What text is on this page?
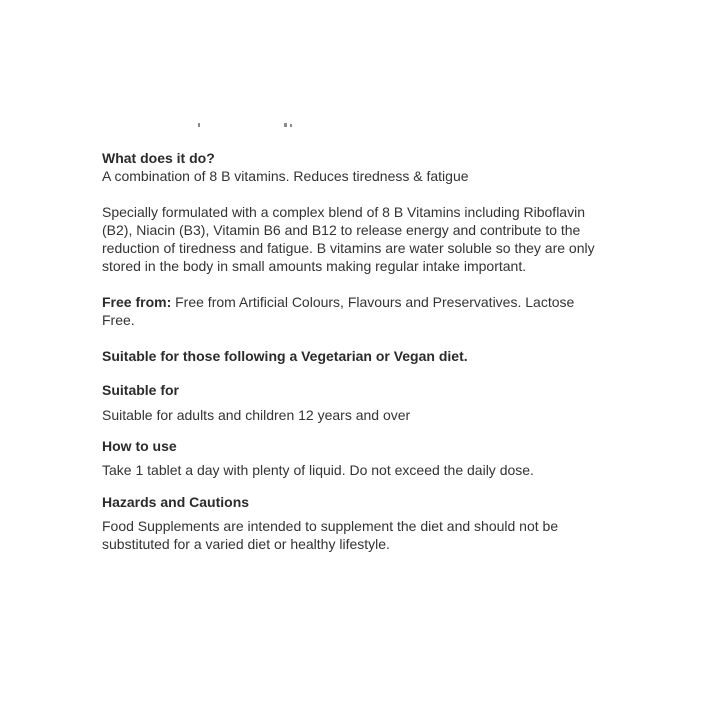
What does it do?

A combination of 8 B vitamins. Reduces tiredness & fatigue

Specially formulated with a complex blend of 8 B Vitamins including Riboflavin (B2), Niacin (B3), Vitamin B6 and B12 to release energy and contribute to the reduction of tiredness and fatigue. B vitamins are water soluble so they are only stored in the body in small amounts making regular intake important.

Free from: Free from Artificial Colours, Flavours and Preservatives. Lactose Free.

Suitable for those following a Vegetarian or Vegan diet.

Suitable for

Suitable for adults and children 12 years and over

How to use

Take 1 tablet a day with plenty of liquid. Do not exceed the daily dose.

Hazards and Cautions

Food Supplements are intended to supplement the diet and should not be substituted for a varied diet or healthy lifestyle.
